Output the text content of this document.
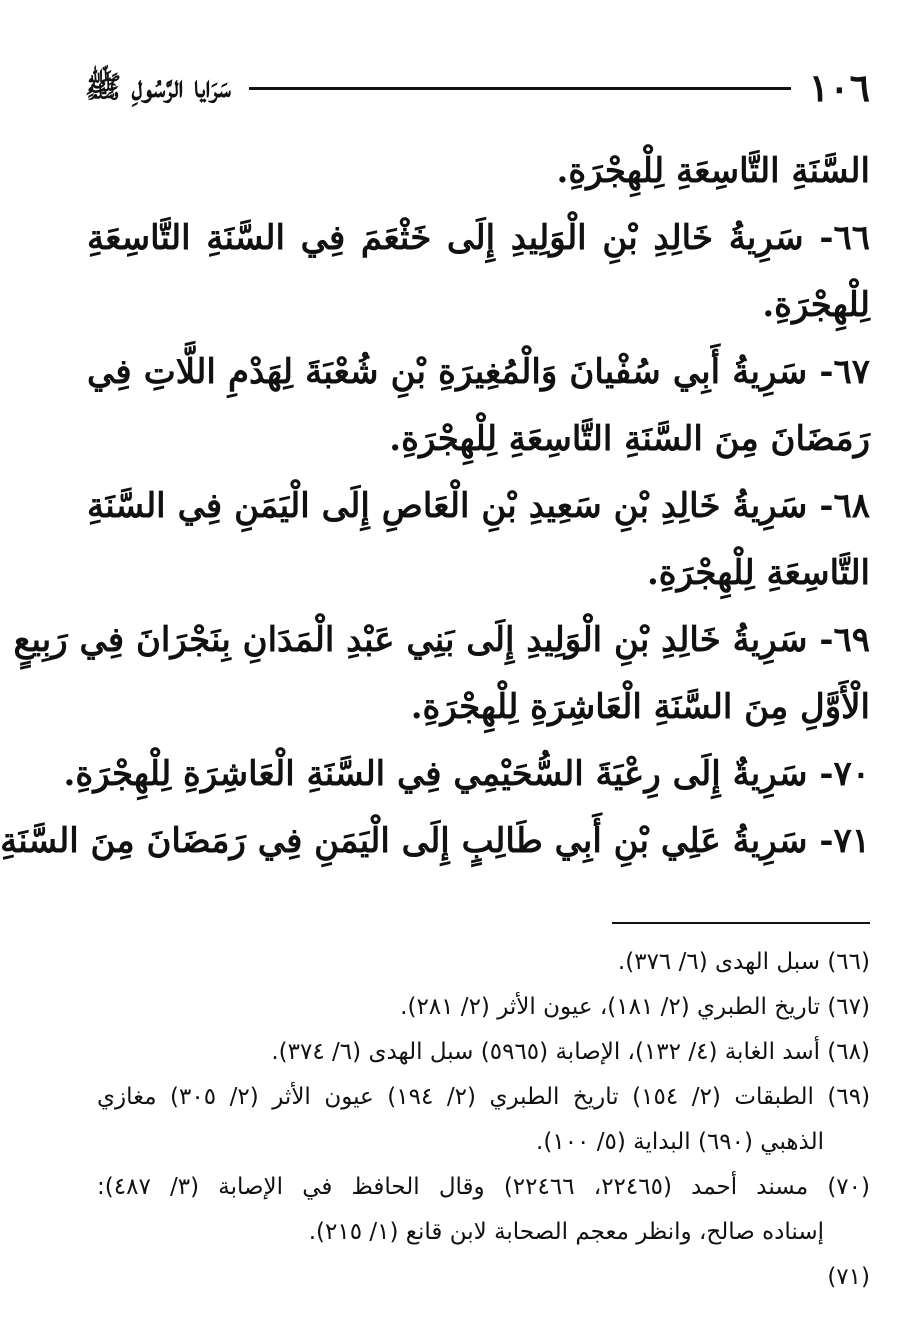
١٠٦
سَرَايا الرَّسُولِ ﷺ
السَّنَةِ التَّاسِعَةِ لِلْهِجْرَةِ.
٦٦- سَرِيةُ خَالِدِ بْنِ الْوَلِيدِ إِلَى خَثْعَمَ فِي السَّنَةِ التَّاسِعَةِ
لِلْهِجْرَةِ.
٦٧- سَرِيةُ أَبِي سُفْيانَ وَالْمُغِيرَةِ بْنِ شُعْبَةَ لِهَدْمِ اللَّاتِ فِي
رَمَضَانَ مِنَ السَّنَةِ التَّاسِعَةِ لِلْهِجْرَةِ.
٦٨- سَرِيةُ خَالِدِ بْنِ سَعِيدِ بْنِ الْعَاصِ إِلَى الْيَمَنِ فِي السَّنَةِ
التَّاسِعَةِ لِلْهِجْرَةِ.
٦٩- سَرِيةُ خَالِدِ بْنِ الْوَلِيدِ إِلَى بَنِي عَبْدِ الْمَدَانِ بِنَجْرَانَ فِي رَبِيعٍ
الْأَوَّلِ مِنَ السَّنَةِ الْعَاشِرَةِ لِلْهِجْرَةِ.
٧٠- سَرِيةٌ إِلَى رِعْيَةَ السُّحَيْمِي فِي السَّنَةِ الْعَاشِرَةِ لِلْهِجْرَةِ.
٧١- سَرِيةُ عَلِي بْنِ أَبِي طَالِبٍ إِلَى الْيَمَنِ فِي رَمَضَانَ مِنَ السَّنَةِ
(٦٦) سبل الهدى (٦/ ٣٧٦).
(٦٧) تاريخ الطبري (٢/ ١٨١)، عيون الأثر (٢/ ٢٨١).
(٦٨) أسد الغابة (٤/ ١٣٢)، الإصابة (٥٩٦٥) سبل الهدى (٦/ ٣٧٤).
(٦٩) الطبقات (٢/ ١٥٤) تاريخ الطبري (٢/ ١٩٤) عيون الأثر (٢/ ٣٠٥) مغازي
الذهبي (٦٩٠) البداية (٥/ ١٠٠).
(٧٠) مسند أحمد (٢٢٤٦٥، ٢٢٤٦٦) وقال الحافظ في الإصابة (٣/ ٤٨٧):
إسناده صالح، وانظر معجم الصحابة لابن قانع (١/ ٢١٥).
(٧١)
